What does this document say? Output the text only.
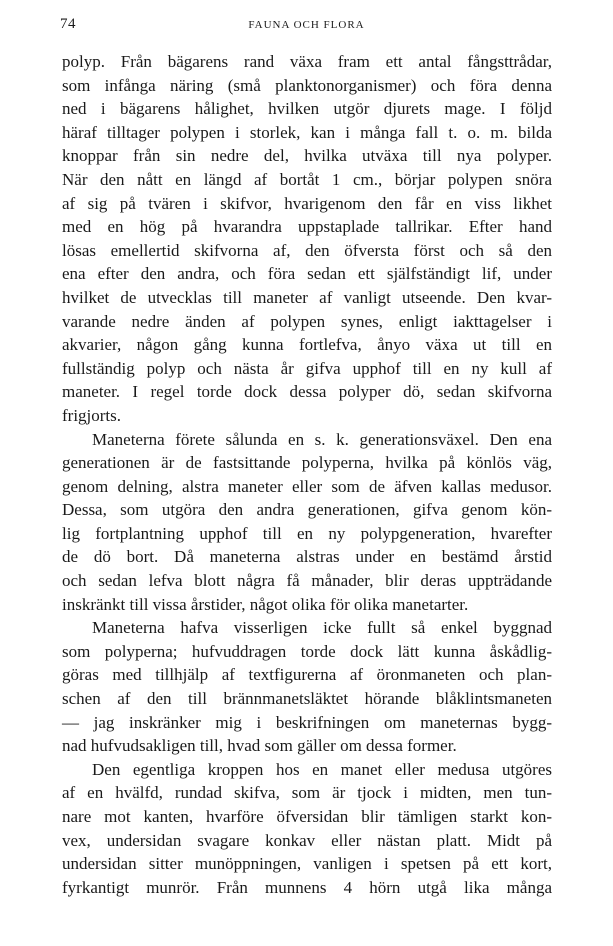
74	FAUNA OCH FLORA
polyp. Från bägarens rand växa fram ett antal fångsttrådar,
som infånga näring (små planktonorganismer) och föra denna
ned i bägarens hålighet, hvilken utgör djurets mage. I följd
häraf tilltager polypen i storlek, kan i många fall t. o. m. bilda
knoppar från sin nedre del, hvilka utväxa till nya polyper.
När den nått en längd af bortåt 1 cm., börjar polypen snöra
af sig på tvären i skifvor, hvarigenom den får en viss likhet
med en hög på hvarandra uppstaplade tallrikar. Efter hand
lösas emellertid skifvorna af, den öfversta först och så den
ena efter den andra, och föra sedan ett själfständigt lif, under
hvilket de utvecklas till maneter af vanligt utseende. Den kvar-
varande nedre änden af polypen synes, enligt iakttagelser i
akvarier, någon gång kunna fortlefva, ånyo växa ut till en
fullständig polyp och nästa år gifva upphof till en ny kull af
maneter. I regel torde dock dessa polyper dö, sedan skifvorna
frigjorts.
Maneterna förete sålunda en s. k. generationsväxel. Den ena
generationen är de fastsittande polyperna, hvilka på könlös väg,
genom delning, alstra maneter eller som de äfven kallas medusor.
Dessa, som utgöra den andra generationen, gifva genom kön-
lig fortplantning upphof till en ny polypgeneration, hvarefter
de dö bort. Då maneterna alstras under en bestämd årstid
och sedan lefva blott några få månader, blir deras uppträdande
inskränkt till vissa årstider, något olika för olika manetarter.
Maneterna hafva visserligen icke fullt så enkel byggnad
som polyperna; hufvuddragen torde dock lätt kunna åskådlig-
göras med tillhjälp af textfigurerna af öronmaneten och plan-
schen af den till brännmanetsläktet hörande blåklintsmaneten
— jag inskränker mig i beskrifningen om maneternas bygg-
nad hufvudsakligen till, hvad som gäller om dessa former.
Den egentliga kroppen hos en manet eller medusa utgöres
af en hvälfd, rundad skifva, som är tjock i midten, men tun-
nare mot kanten, hvarföre öfversidan blir tämligen starkt kon-
vex, undersidan svagare konkav eller nästan platt. Midt på
undersidan sitter munöppningen, vanligen i spetsen på ett kort,
fyrkantigt munrör. Från munnens 4 hörn utgå lika många
